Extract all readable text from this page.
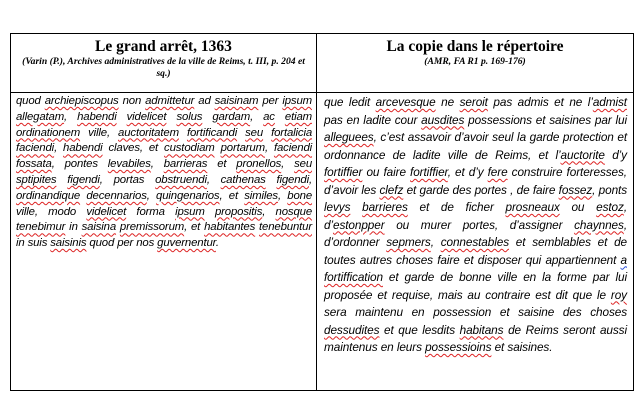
Le grand arrêt, 1363
(Varin (P.), Archives administratives de la ville de Reims, t. III, p. 204 et sq.)
La copie dans le répertoire
(AMR, FA R1 p. 169-176)

quod archiepiscopus non admittetur ad saisinam per ipsum allegatam, habendi videlicet solus gardam, ac etiam ordinationem ville, auctoritatem fortificandi seu fortalicia faciendi, habendi claves, et custodiam portarum, faciendi fossata, pontes levabiles, barrieras et pronellos, seu sptipites figendi, portas obstruendi, cathenas figendi, ordinandique decennarios, quingenarios, et similes, bone ville, modo videlicet forma ipsum propositis, nosque tenebimur in saisina premissorum, et habitantes tenebuntur in suis saisinis quod per nos guvernentur.

que ledit arcevesque ne seroit pas admis et ne l’admist pas en ladite cour ausdites possessions et saisines par lui alleguees, c’est assavoir d’avoir seul la garde protection et ordonnance de ladite ville de Reims, et l’auctorite d’y fortiffier ou faire fortiffier, et d’y fere construire forteresses, d’avoir les clefz et garde des portes , de faire fossez, ponts levys barrieres et de ficher prosneaux ou estoz, d’estonpper ou murer portes, d’assigner chaynnes, d’ordonner sepmers, connestables et semblables et de toutes autres choses faire et disposer qui appartiennent a fortiffication et garde de bonne ville en la forme par lui proposée et requise, mais au contraire est dit que le roy sera maintenu en possession et saisine des choses dessudites et que lesdits habitans de Reims seront aussi maintenus en leurs possessioins et saisines.
